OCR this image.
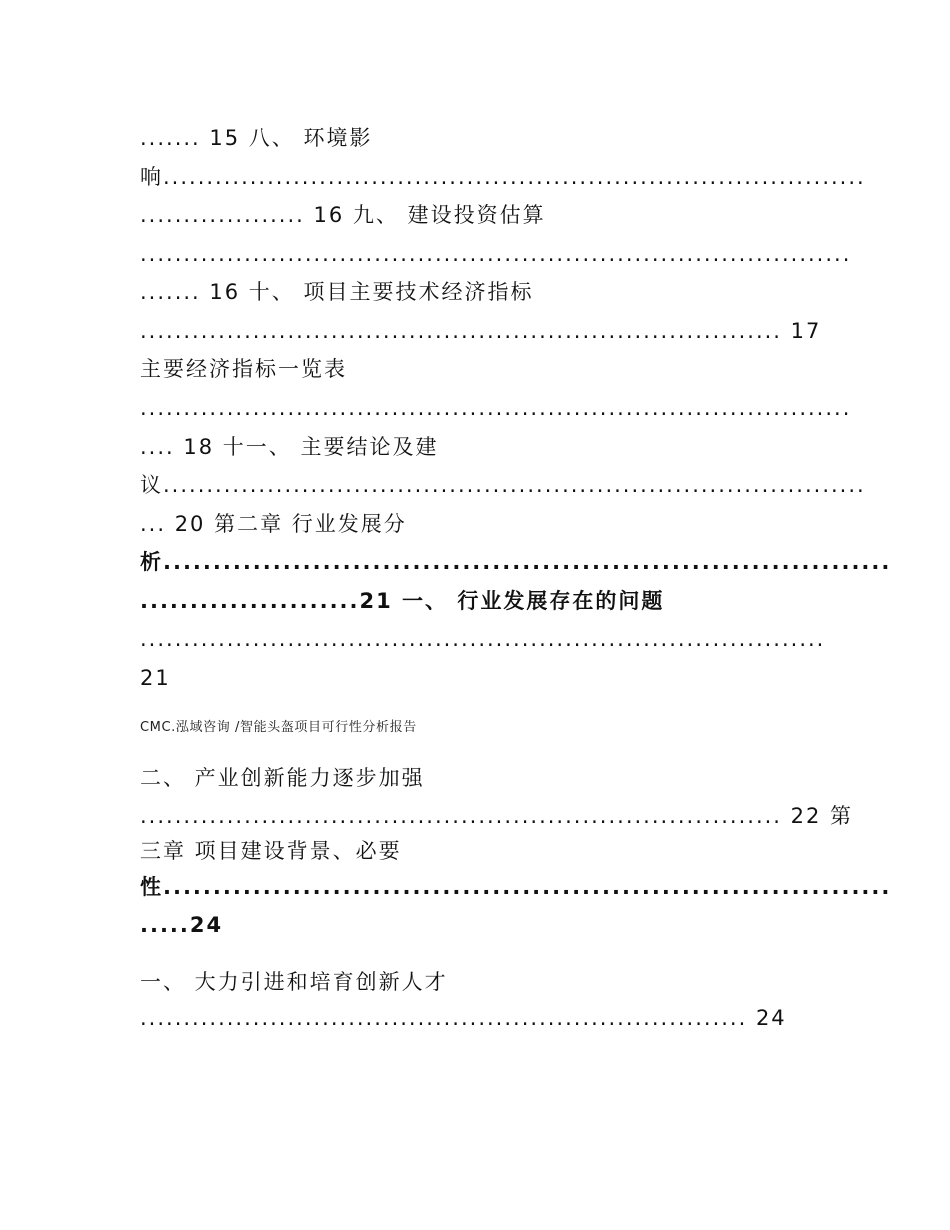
....... 15 八、 环境影
响.................................................................................
................... 16 九、 建设投资估算
..................................................................................
....... 16 十、 项目主要技术经济指标
.......................................................................... 17
主要经济指标一览表
..................................................................................
.... 18 十一、 主要结论及建
议.................................................................................
... 20 第二章 行业发展分
析.........................................................................
......................21 一、 行业发展存在的问题
...............................................................................
21
CMC.泓域咨询 /智能头盔项目可行性分析报告
二、 产业创新能力逐步加强
.......................................................................... 22 第
三章 项目建设背景、必要
性.........................................................................
.....24
一、 大力引进和培育创新人才
...................................................................... 24
